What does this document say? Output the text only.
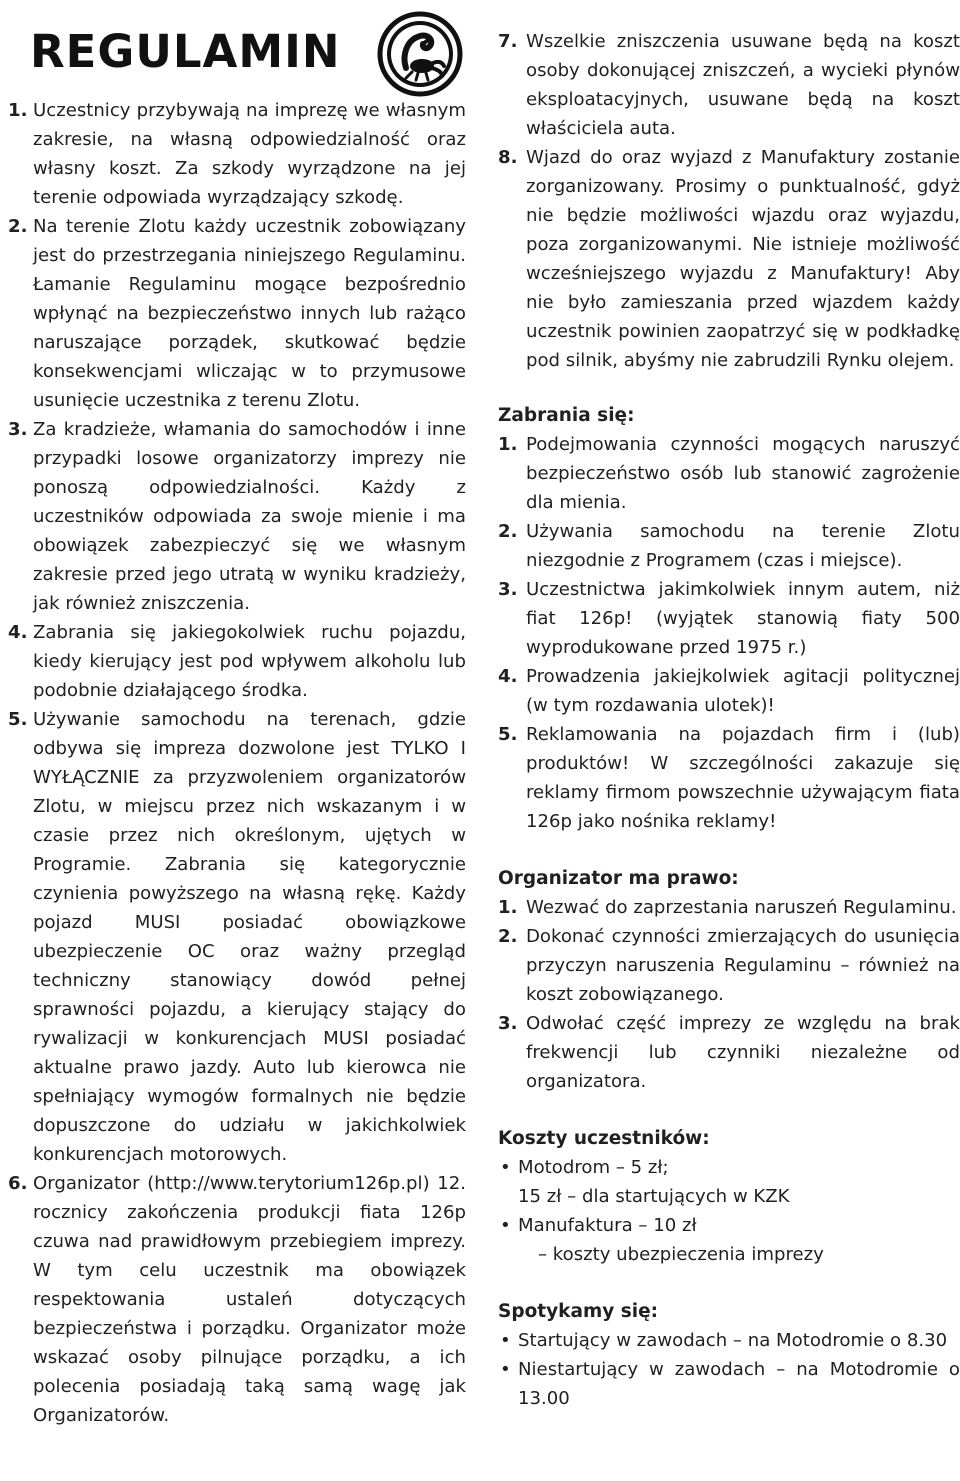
REGULAMIN
1. Uczestnicy przybywają na imprezę we własnym zakresie, na własną odpowiedzialność oraz własny koszt. Za szkody wyrządzone na jej terenie odpowiada wyrządzający szkodę.
2. Na terenie Zlotu każdy uczestnik zobowiązany jest do przestrzegania niniejszego Regulaminu. Łamanie Regulaminu mogące bezpośrednio wpłynąć na bezpieczeństwo innych lub rażąco naruszające porządek, skutkować będzie konsekwencjami wliczając w to przymusowe usunięcie uczestnika z terenu Zlotu.
3. Za kradzieże, włamania do samochodów i inne przypadki losowe organizatorzy imprezy nie ponoszą odpowiedzialności. Każdy z uczestników odpowiada za swoje mienie i ma obowiązek zabezpieczyć się we własnym zakresie przed jego utratą w wyniku kradzieży, jak również zniszczenia.
4. Zabrania się jakiegokolwiek ruchu pojazdu, kiedy kierujący jest pod wpływem alkoholu lub podobnie działającego środka.
5. Używanie samochodu na terenach, gdzie odbywa się impreza dozwolone jest TYLKO I WYŁĄCZNIE za przyzwoleniem organizatorów Zlotu, w miejscu przez nich wskazanym i w czasie przez nich określonym, ujętych w Programie. Zabrania się kategorycznie czynienia powyższego na własną rękę. Każdy pojazd MUSI posiadać obowiązkowe ubezpieczenie OC oraz ważny przegląd techniczny stanowiący dowód pełnej sprawności pojazdu, a kierujący stający do rywalizacji w konkurencjach MUSI posiadać aktualne prawo jazdy. Auto lub kierowca nie spełniający wymogów formalnych nie będzie dopuszczone do udziału w jakichkolwiek konkurencjach motorowych.
6. Organizator (http://www.terytorium126p.pl) 12. rocznicy zakończenia produkcji fiata 126p czuwa nad prawidłowym przebiegiem imprezy. W tym celu uczestnik ma obowiązek respektowania ustaleń dotyczących bezpieczeństwa i porządku. Organizator może wskazać osoby pilnujące porządku, a ich polecenia posiadają taką samą wagę jak Organizatorów.
7. Wszelkie zniszczenia usuwane będą na koszt osoby dokonującej zniszczeń, a wycieki płynów eksploatacyjnych, usuwane będą na koszt właściciela auta.
8. Wjazd do oraz wyjazd z Manufaktury zostanie zorganizowany. Prosimy o punktualność, gdyż nie będzie możliwości wjazdu oraz wyjazdu, poza zorganizowanymi. Nie istnieje możliwość wcześniejszego wyjazdu z Manufaktury! Aby nie było zamieszania przed wjazdem każdy uczestnik powinien zaopatrzyć się w podkładkę pod silnik, abyśmy nie zabrudzili Rynku olejem.

Zabrania się:

1. Podejmowania czynności mogących naruszyć bezpieczeństwo osób lub stanowić zagrożenie dla mienia.
2. Używania samochodu na terenie Zlotu niezgodnie z Programem (czas i miejsce).
3. Uczestnictwa jakimkolwiek innym autem, niż fiat 126p! (wyjątek stanowią fiaty 500 wyprodukowane przed 1975 r.)
4. Prowadzenia jakiejkolwiek agitacji politycznej (w tym rozdawania ulotek)!
5. Reklamowania na pojazdach firm i (lub) produktów! W szczególności zakazuje się reklamy firmom powszechnie używającym fiata 126p jako nośnika reklamy!

Organizator ma prawo:

1. Wezwać do zaprzestania naruszeń Regulaminu.
2. Dokonać czynności zmierzających do usunięcia przyczyn naruszenia Regulaminu – również na koszt zobowiązanego.
3. Odwołać część imprezy ze względu na brak frekwencji lub czynniki niezależne od organizatora.

Koszty uczestników:

• Motodrom – 5 zł;
15 zł – dla startujących w KZK
• Manufaktura – 10 zł
– koszty ubezpieczenia imprezy

Spotykamy się:

• Startujący w zawodach – na Motodromie o 8.30
• Niestartujący w zawodach – na Motodromie o 13.00
